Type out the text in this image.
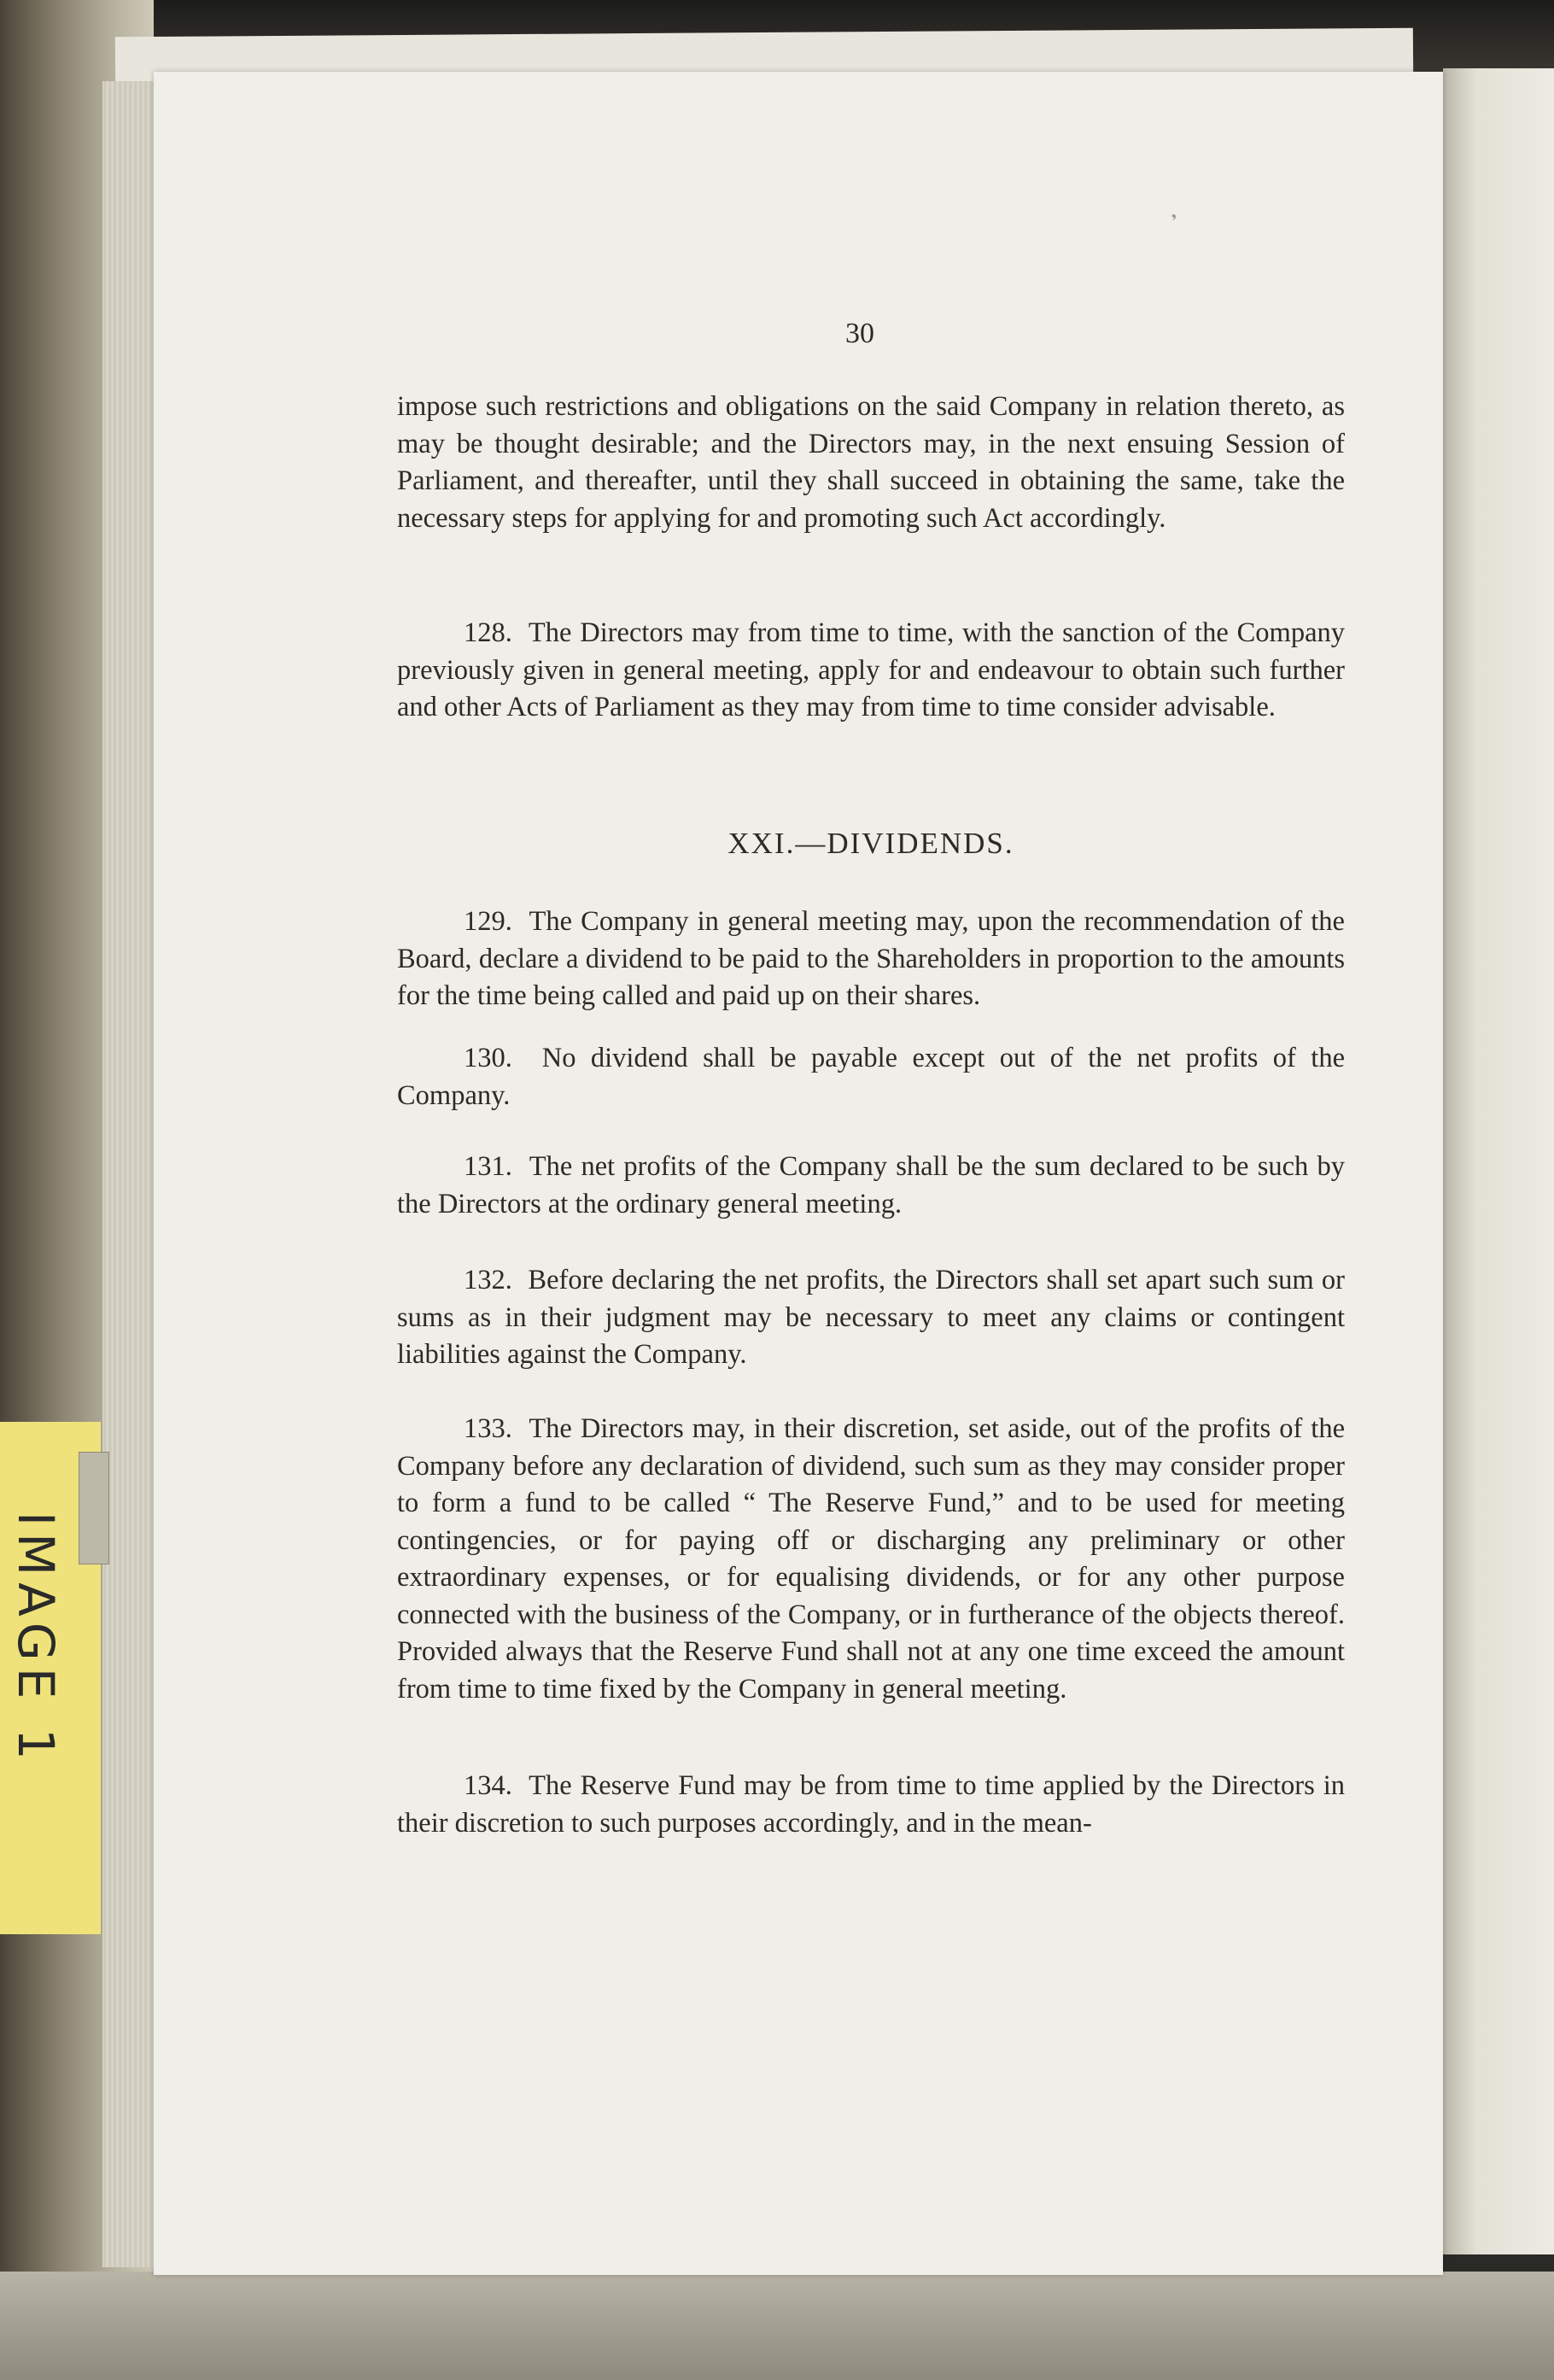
IMAGE 1
𝄒
30

impose such restrictions and obligations on the said Company in relation thereto, as may be thought desirable; and the Directors may, in the next ensuing Session of Parliament, and thereafter, until they shall succeed in obtaining the same, take the necessary steps for applying for and promoting such Act accordingly.

128. The Directors may from time to time, with the sanction of the Company previously given in general meeting, apply for and endeavour to obtain such further and other Acts of Parliament as they may from time to time consider advisable.

XXI.—DIVIDENDS.

129. The Company in general meeting may, upon the recommendation of the Board, declare a dividend to be paid to the Shareholders in proportion to the amounts for the time being called and paid up on their shares.

130. No dividend shall be payable except out of the net profits of the Company.

131. The net profits of the Company shall be the sum declared to be such by the Directors at the ordinary general meeting.

132. Before declaring the net profits, the Directors shall set apart such sum or sums as in their judgment may be necessary to meet any claims or contingent liabilities against the Company.

133. The Directors may, in their discretion, set aside, out of the profits of the Company before any declaration of dividend, such sum as they may consider proper to form a fund to be called “ The Reserve Fund,” and to be used for meeting contingencies, or for paying off or discharging any preliminary or other extraordinary expenses, or for equalising dividends, or for any other purpose connected with the business of the Company, or in furtherance of the objects thereof. Provided always that the Reserve Fund shall not at any one time exceed the amount from time to time fixed by the Company in general meeting.

134. The Reserve Fund may be from time to time applied by the Directors in their discretion to such purposes accordingly, and in the mean-
